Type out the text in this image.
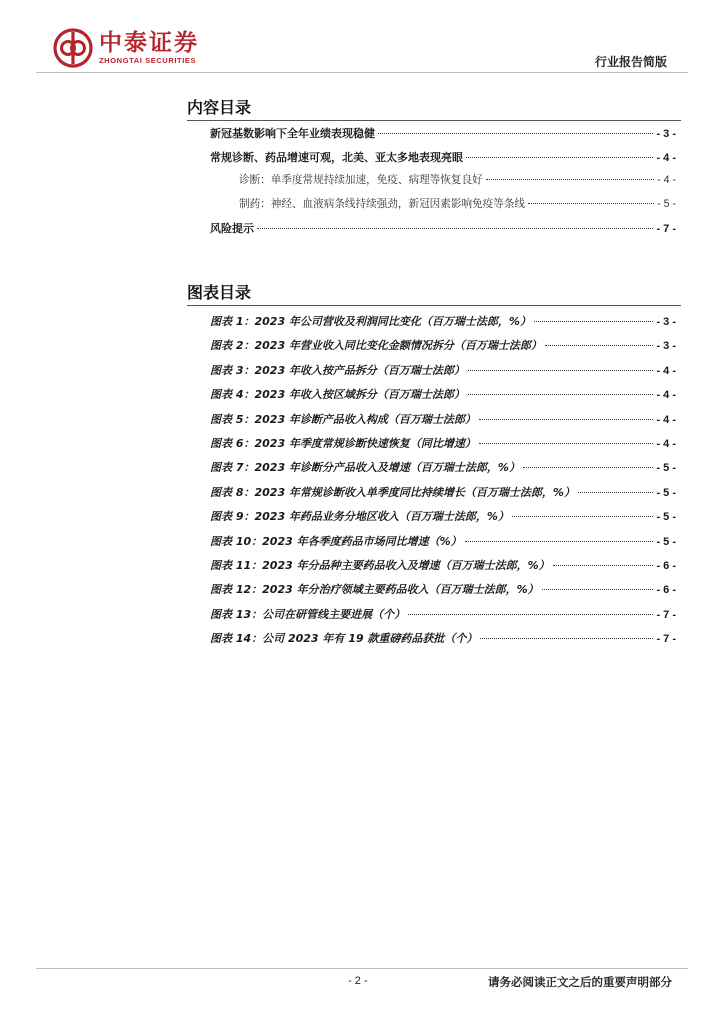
中泰证券
ZHONGTAI SECURITIES	行业报告简版
内容目录
新冠基数影响下全年业绩表现稳健	- 3 -
常规诊断、药品增速可观，北美、亚太多地表现亮眼	- 4 -
诊断：单季度常规持续加速，免疫、病理等恢复良好	- 4 -
制药：神经、血液病条线持续强劲，新冠因素影响免疫等条线	- 5 -
风险提示	- 7 -
图表目录
图表 1：2023 年公司营收及利润同比变化（百万瑞士法郎，%）	- 3 -
图表 2：2023 年营业收入同比变化金额情况拆分（百万瑞士法郎）	- 3 -
图表 3：2023 年收入按产品拆分（百万瑞士法郎）	- 4 -
图表 4：2023 年收入按区域拆分（百万瑞士法郎）	- 4 -
图表 5：2023 年诊断产品收入构成（百万瑞士法郎）	- 4 -
图表 6：2023 年季度常规诊断快速恢复（同比增速）	- 4 -
图表 7：2023 年诊断分产品收入及增速（百万瑞士法郎，%）	- 5 -
图表 8：2023 年常规诊断收入单季度同比持续增长（百万瑞士法郎，%）	- 5 -
图表 9：2023 年药品业务分地区收入（百万瑞士法郎，%）	- 5 -
图表 10：2023 年各季度药品市场同比增速（%）	- 5 -
图表 11：2023 年分品种主要药品收入及增速（百万瑞士法郎，%）	- 6 -
图表 12：2023 年分治疗领域主要药品收入（百万瑞士法郎，%）	- 6 -
图表 13：公司在研管线主要进展（个）	- 7 -
图表 14：公司 2023 年有 19 款重磅药品获批（个）	- 7 -
- 2 -	请务必阅读正文之后的重要声明部分
